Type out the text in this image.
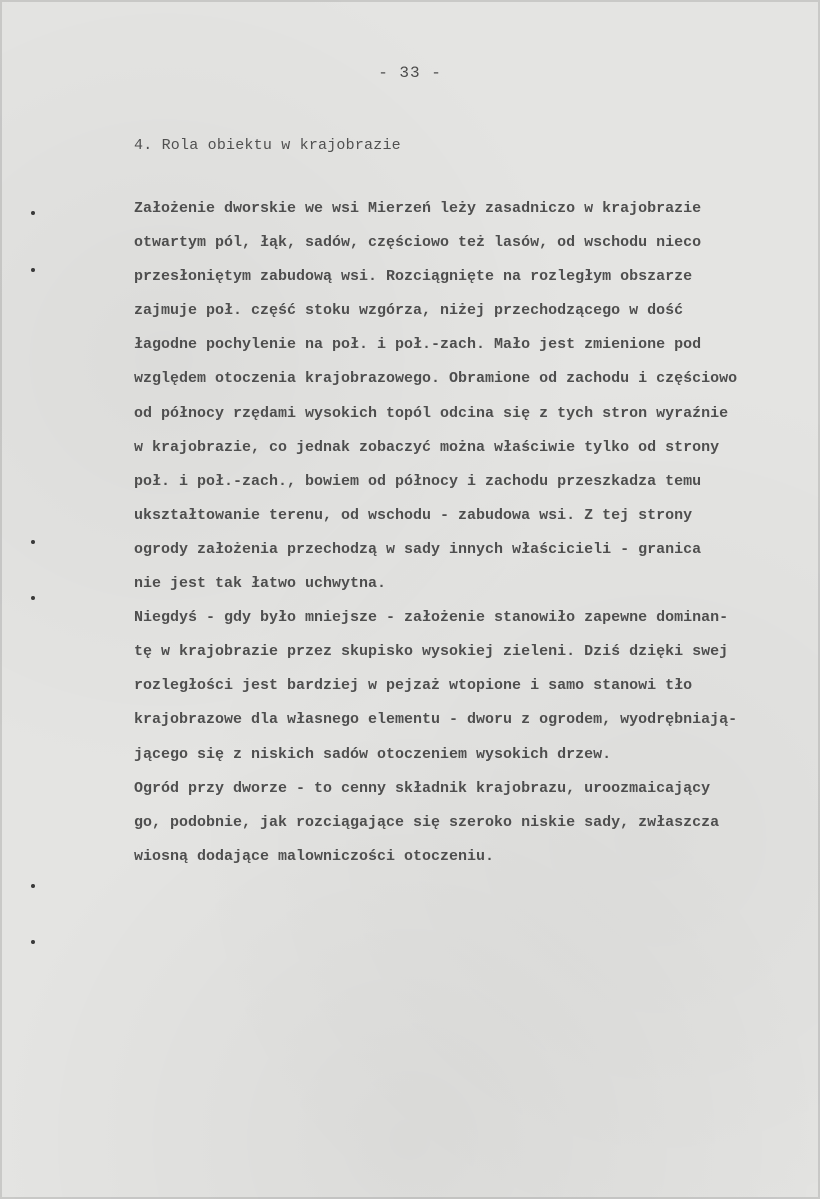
- 33 -
4. Rola obiektu w krajobrazie
Założenie dworskie we wsi Mierzeń leży zasadniczo w krajobrazie
otwartym pól, łąk, sadów, częściowo też lasów, od wschodu nieco
przesłoniętym zabudową wsi. Rozciągnięte na rozległym obszarze
zajmuje poł. część stoku wzgórza, niżej przechodzącego w dość
łagodne pochylenie na poł. i poł.-zach. Mało jest zmienione pod
względem otoczenia krajobrazowego. Obramione od zachodu i częściowo
od północy rzędami wysokich topól odcina się z tych stron wyraźnie
w krajobrazie, co jednak zobaczyć można właściwie tylko od strony
poł. i poł.-zach., bowiem od północy i zachodu przeszkadza temu
ukształtowanie terenu, od wschodu - zabudowa wsi. Z tej strony
ogrody założenia przechodzą w sady innych właścicieli - granica
nie jest tak łatwo uchwytna.
Niegdyś - gdy było mniejsze - założenie stanowiło zapewne dominan-
tę w krajobrazie przez skupisko wysokiej zieleni. Dziś dzięki swej
rozległości jest bardziej w pejzaż wtopione i samo stanowi tło
krajobrazowe dla własnego elementu - dworu z ogrodem, wyodrębniają-
jącego się z niskich sadów otoczeniem wysokich drzew.
Ogród przy dworze - to cenny składnik krajobrazu, uroozmaicający
go, podobnie, jak rozciągające się szeroko niskie sady, zwłaszcza
wiosną dodające malowniczości otoczeniu.
